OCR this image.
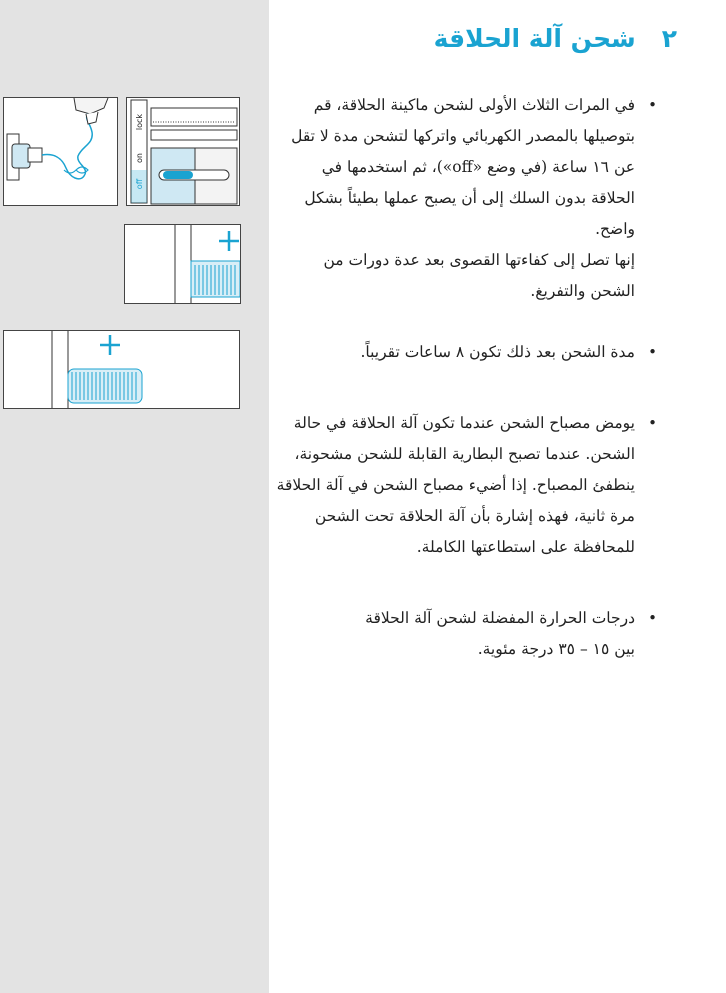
lock
on
off
٢
شحن آلة الحلاقة
•

في المرات الثلاث الأولى لشحن ماكينة الحلاقة، قم بتوصيلها بالمصدر الكهربائي واتركها لتشحن مدة لا تقل عن ١٦ ساعة (في وضع «off»)، ثم استخدمها في الحلاقة بدون السلك إلى أن يصبح عملها بطيئاً بشكل واضح.

إنها تصل إلى كفاءتها القصوى بعد عدة دورات من الشحن والتفريغ.

•

مدة الشحن بعد ذلك تكون ٨ ساعات تقريباً.

•

يومض مصباح الشحن عندما تكون آلة الحلاقة في حالة الشحن. عندما تصبح البطارية القابلة للشحن مشحونة، ينطفئ المصباح. إذا أضيء مصباح الشحن في آلة الحلاقة مرة ثانية، فهذه إشارة بأن آلة الحلاقة تحت الشحن للمحافظة على استطاعتها الكاملة.

•

درجات الحرارة المفضلة لشحن آلة الحلاقة بين ١٥ – ٣٥ درجة مئوية.
